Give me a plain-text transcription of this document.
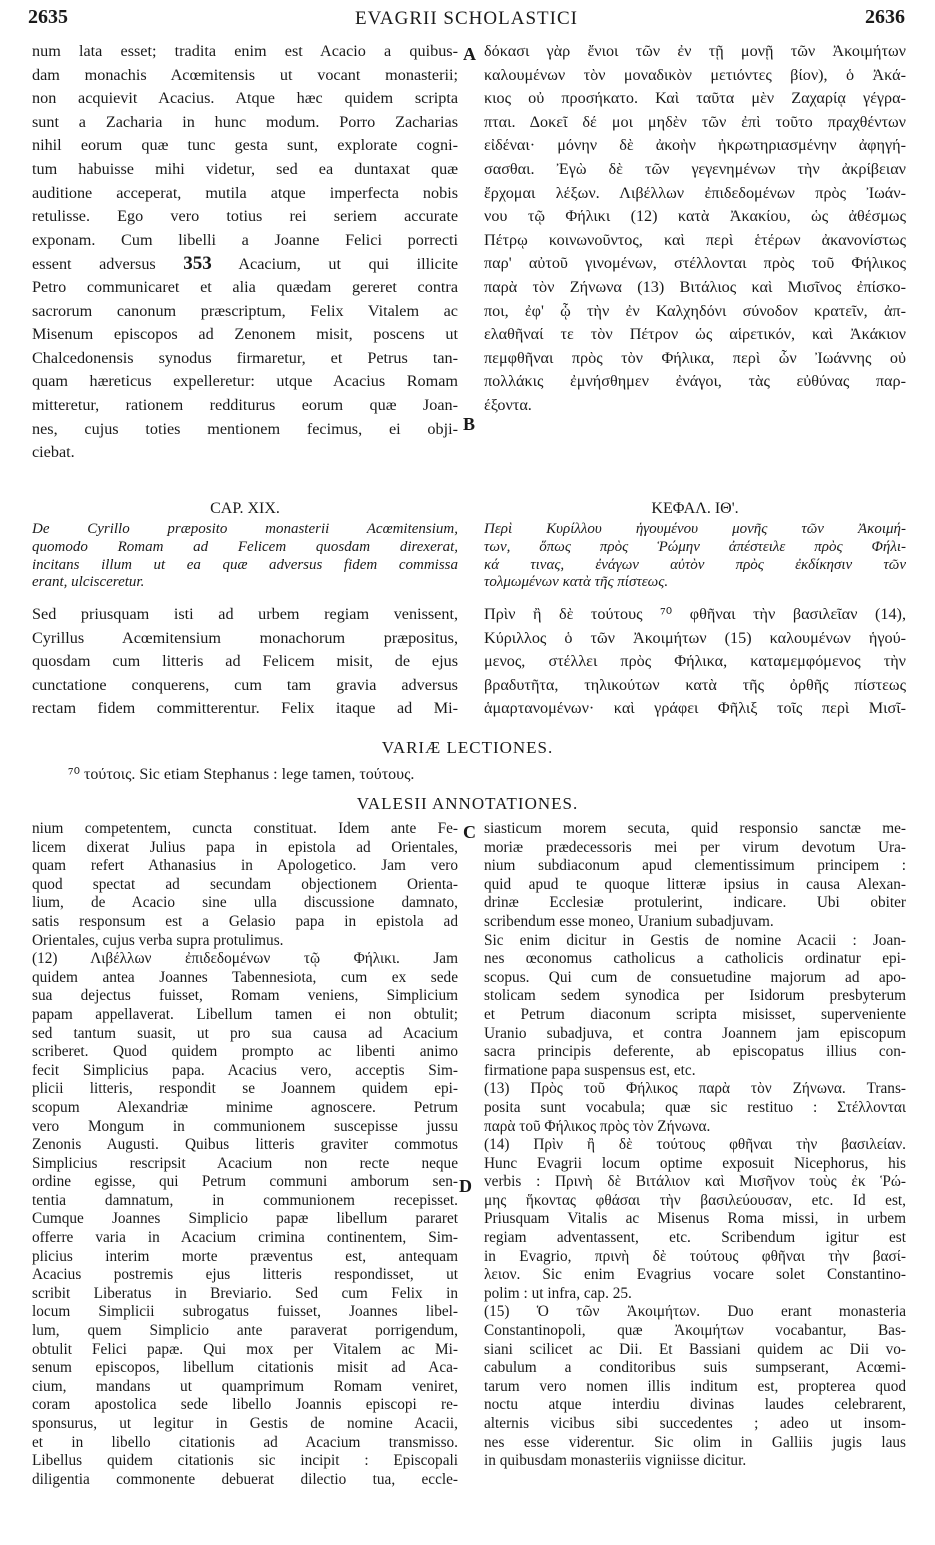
2635	EVAGRII SCHOLASTICI	2636
num lata esset; tradita enim est Acacio a quibus-
dam monachis Acœmitensis ut vocant monasterii;
non acquievit Acacius. Atque hæc quidem scripta
sunt a Zacharia in hunc modum. Porro Zacharias
nihil eorum quæ tunc gesta sunt, explorate cogni-
tum habuisse mihi videtur, sed ea duntaxat quæ
auditione acceperat, mutila atque imperfecta nobis
retulisse. Ego vero totius rei seriem accurate
exponam. Cum libelli a Joanne Felici porrecti
essent adversus 353 Acacium, ut qui illicite
Petro communicaret et alia quædam gereret contra
sacrorum canonum præscriptum, Felix Vitalem ac
Misenum episcopos ad Zenonem misit, poscens ut
Chalcedonensis synodus firmaretur, et Petrus tan-
quam hæreticus expelleretur: utque Acacius Romam
mitteretur, rationem redditurus eorum quæ Joan-
nes, cujus toties mentionem fecimus, ei obji-
ciebat.
δόκασι γὰρ ἔνιοι τῶν ἐν τῇ μονῇ τῶν Ἀκοιμήτων
καλουμένων τὸν μοναδικὸν μετιόντες βίον), ὁ Ἀκά-
κιος οὐ προσήκατο. Καὶ ταῦτα μὲν Ζαχαρίᾳ γέγρα-
πται. Δοκεῖ δέ μοι μηδὲν τῶν ἐπὶ τοῦτο πραχθέντων
εἰδέναι· μόνην δὲ ἀκοὴν ἠκρωτηριασμένην ἀφηγή-
σασθαι. Ἐγὼ δὲ τῶν γεγενημένων τὴν ἀκρίβειαν
ἔρχομαι λέξων. Λιβέλλων ἐπιδεδομένων πρὸς Ἰωάν-
νου τῷ Φήλικι (12) κατὰ Ἀκακίου, ὡς ἀθέσμως
Πέτρῳ κοινωνοῦντος, καὶ περὶ ἑτέρων ἀκανονίστως
παρ' αὐτοῦ γινομένων, στέλλονται πρὸς τοῦ Φήλικος
παρὰ τὸν Ζήνωνα (13) Βιτάλιος καὶ Μισῖνος ἐπίσκο-
ποι, ἐφ' ᾧ τὴν ἐν Καλχηδόνι σύνοδον κρατεῖν, ἀπ-
ελαθῆναί τε τὸν Πέτρον ὡς αἱρετικόν, καὶ Ἀκάκιον
πεμφθῆναι πρὸς τὸν Φήλικα, περὶ ὧν Ἰωάννης οὐ
πολλάκις ἐμνήσθημεν ἐνάγοι, τὰς εὐθύνας παρ-
έξοντα.
A
B
CAP. XIX.	ΚΕΦΑΛ. ΙΘ'.
De Cyrillo præposito monasterii Acœmitensium,
quomodo Romam ad Felicem quosdam direxerat,
incitans illum ut ea quæ adversus fidem commissa
erant, ulcisceretur.
Περὶ Κυρίλλου ἡγουμένου μονῆς τῶν Ἀκοιμή-
των, ὅπως πρὸς Ῥώμην ἀπέστειλε πρὸς Φήλι-
κά τινας, ἐνάγων αὐτὸν πρὸς ἐκδίκησιν τῶν
τολμωμένων κατὰ τῆς πίστεως.
Sed priusquam isti ad urbem regiam venissent,
Cyrillus Acœmitensium monachorum præpositus,
quosdam cum litteris ad Felicem misit, de ejus
cunctatione conquerens, cum tam gravia adversus
rectam fidem committerentur. Felix itaque ad Mi-
Πρὶν ἢ δὲ τούτους ⁷⁰ φθῆναι τὴν βασιλεῖαν (14),
Κύριλλος ὁ τῶν Ἀκοιμήτων (15) καλουμένων ἡγού-
μενος, στέλλει πρὸς Φήλικα, καταμεμφόμενος τὴν
βραδυτῆτα, τηλικούτων κατὰ τῆς ὀρθῆς πίστεως
ἁμαρτανομένων· καὶ γράφει Φῆλιξ τοῖς περὶ Μισῖ-
VARIÆ LECTIONES.
⁷⁰ τούτοις. Sic etiam Stephanus : lege tamen, τούτους.
VALESII ANNOTATIONES.
nium competentem, cuncta constituat. Idem ante Fe-
licem dixerat Julius papa in epistola ad Orientales,
quam refert Athanasius in Apologetico. Jam vero
quod spectat ad secundam objectionem Orienta-
lium, de Acacio sine ulla discussione damnato,
satis responsum est a Gelasio papa in epistola ad
Orientales, cujus verba supra protulimus.
(12) Λιβέλλων ἐπιδεδομένων τῷ Φήλικι. Jam
quidem antea Joannes Tabennesiota, cum ex sede
sua dejectus fuisset, Romam veniens, Simplicium
papam appellaverat. Libellum tamen ei non obtulit;
sed tantum suasit, ut pro sua causa ad Acacium
scriberet. Quod quidem prompto ac libenti animo
fecit Simplicius papa. Acacius vero, acceptis Sim-
plicii litteris, respondit se Joannem quidem epi-
scopum Alexandriæ minime agnoscere. Petrum
vero Mongum in communionem suscepisse jussu
Zenonis Augusti. Quibus litteris graviter commotus
Simplicius rescripsit Acacium non recte neque
ordine egisse, qui Petrum communi amborum sen-
tentia damnatum, in communionem recepisset.
Cumque Joannes Simplicio papæ libellum pararet
offerre varia in Acacium crimina continentem, Sim-
plicius interim morte præventus est, antequam
Acacius postremis ejus litteris respondisset, ut
scribit Liberatus in Breviario. Sed cum Felix in
locum Simplicii subrogatus fuisset, Joannes libel-
lum, quem Simplicio ante paraverat porrigendum,
obtulit Felici papæ. Qui mox per Vitalem ac Mi-
senum episcopos, libellum citationis misit ad Aca-
cium, mandans ut quamprimum Romam veniret,
coram apostolica sede libello Joannis episcopi re-
sponsurus, ut legitur in Gestis de nomine Acacii,
et in libello citationis ad Acacium transmisso.
Libellus quidem citationis sic incipit : Episcopali
diligentia commonente debuerat dilectio tua, eccle-
siasticum morem secuta, quid responsio sanctæ me-
moriæ prædecessoris mei per virum devotum Ura-
nium subdiaconum apud clementissimum principem :
quid apud te quoque litteræ ipsius in causa Alexan-
drinæ Ecclesiæ protulerint, indicare. Ubi obiter
scribendum esse moneo, Uranium subadjuvam.
Sic enim dicitur in Gestis de nomine Acacii : Joan-
nes œconomus catholicus a catholicis ordinatur epi-
scopus. Qui cum de consuetudine majorum ad apo-
stolicam sedem synodica per Isidorum presbyterum
et Petrum diaconum scripta misisset, superveniente
Uranio subadjuva, et contra Joannem jam episcopum
sacra principis deferente, ab episcopatus illius con-
firmatione papa suspensus est, etc.
(13) Πρὸς τοῦ Φήλικος παρὰ τὸν Ζήνωνα. Trans-
posita sunt vocabula; quæ sic restituo : Στέλλονται
παρὰ τοῦ Φήλικος πρὸς τὸν Ζήνωνα.
(14) Πρὶν ἢ δὲ τούτους φθῆναι τὴν βασιλείαν.
Hunc Evagrii locum optime exposuit Nicephorus, his
verbis : Πρινὴ δὲ Βιτάλιον καὶ Μισῆνον τοὺς ἐκ Ῥώ-
μης ἥκοντας φθάσαι τὴν βασιλεύουσαν, etc. Id est,
Priusquam Vitalis ac Misenus Roma missi, in urbem
regiam adventassent, etc. Scribendum igitur est
in Evagrio, πρινὴ δὲ τούτους φθῆναι τὴν βασί-
λειον. Sic enim Evagrius vocare solet Constantino-
polim : ut infra, cap. 25.
(15) Ὁ τῶν Ἀκοιμήτων. Duo erant monasteria
Constantinopoli, quæ Ἀκοιμήτων vocabantur, Bas-
siani scilicet ac Dii. Et Bassiani quidem ac Dii vo-
cabulum a conditoribus suis sumpserant, Acœmi-
tarum vero nomen illis inditum est, propterea quod
noctu atque interdiu divinas laudes celebrarent,
alternis vicibus sibi succedentes ; adeo ut insom-
nes esse viderentur. Sic olim in Galliis jugis laus
in quibusdam monasteriis vigniisse dicitur.
C
D
